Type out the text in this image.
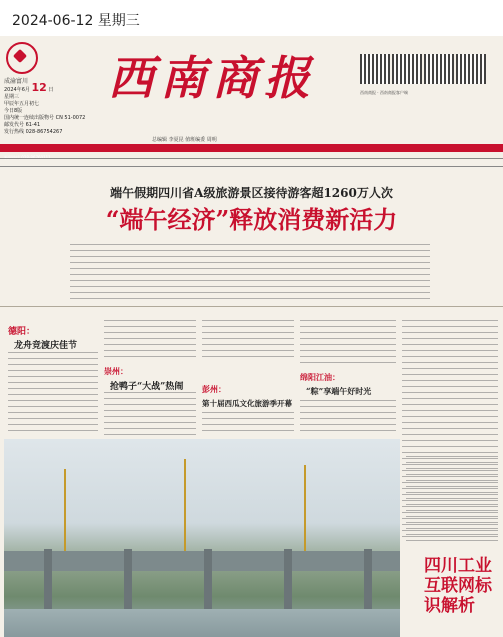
2024-06-12 星期三
成渝富川
2024年6月 12 日
星期三
甲辰年五月初七
今日8版
国内统一连续出版物号 CN 51-0072
邮发代号 61-41
发行热线 028-86754267
西南商报
总编辑 李夏昆 值班编委 周明
西南商报 · 西南商报客户端
端午假期四川省A级旅游景区接待游客超1260万人次
“端午经济”释放消费新活力
德阳：
龙舟竞渡庆佳节
崇州：
抢鸭子“大战”热闹 彭州：
第十届西瓜文化旅游季开幕
绵阳江油：
“粽”享端午好时光
四川工业互联网标识解析
